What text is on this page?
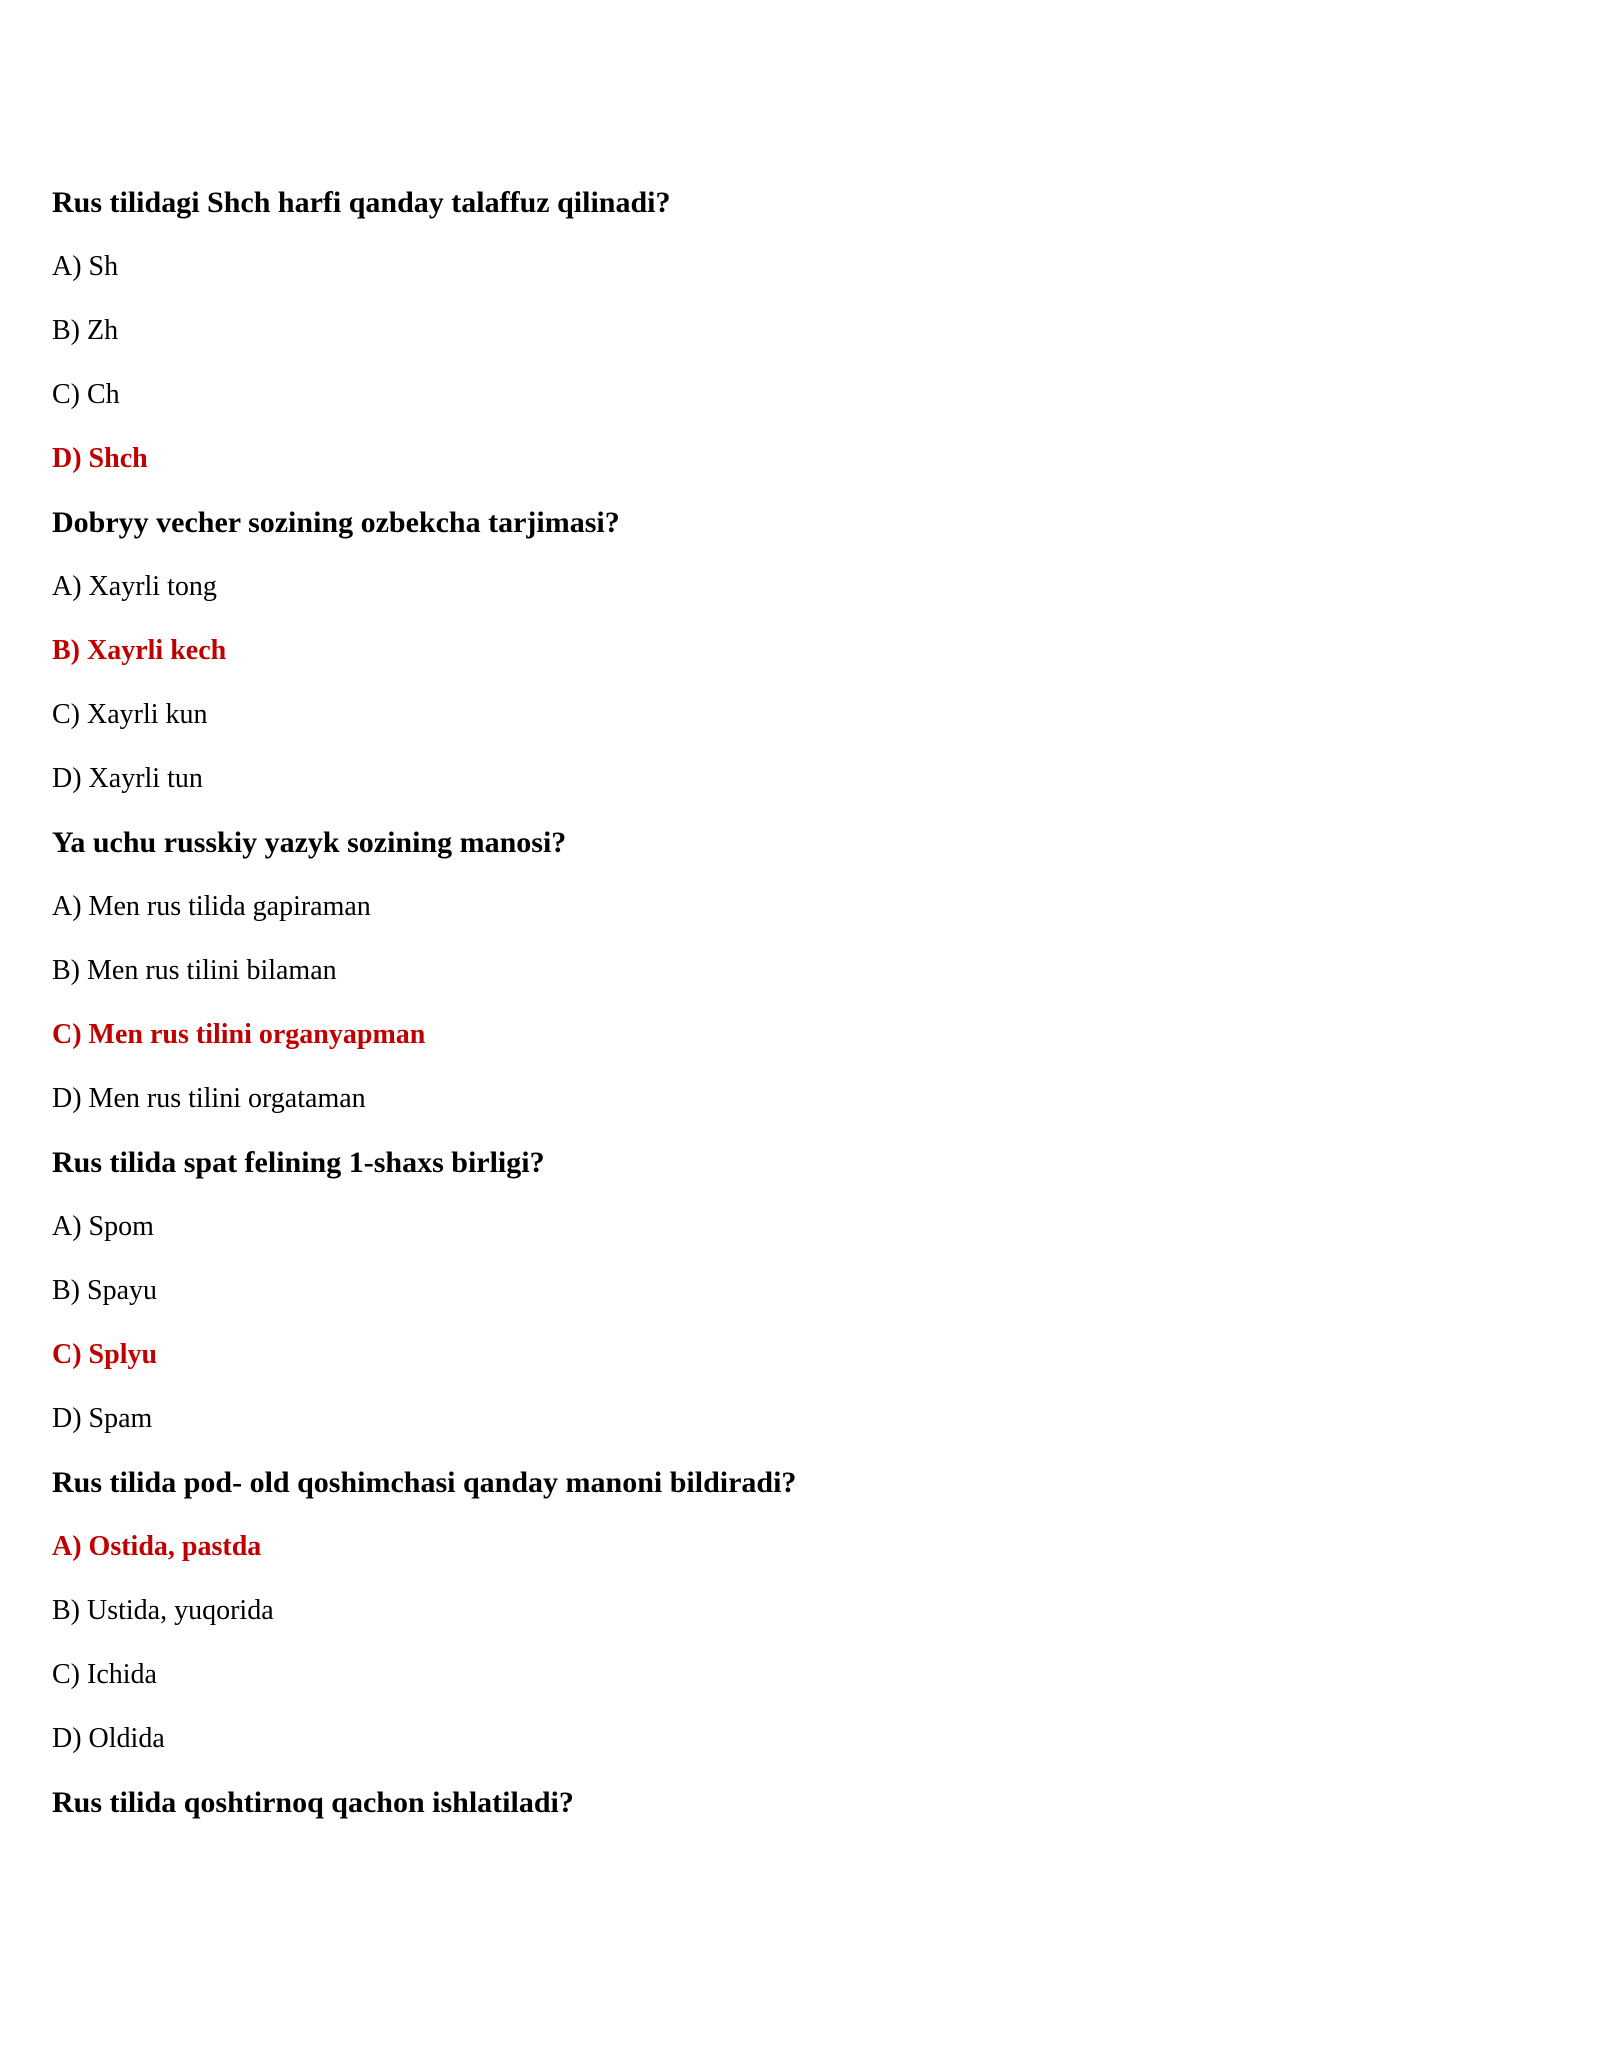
Rus tilidagi Shch harfi qanday talaffuz qilinadi?
A) Sh
B) Zh
C) Ch
D) Shch
Dobryy vecher sozining ozbekcha tarjimasi?
A) Xayrli tong
B) Xayrli kech
C) Xayrli kun
D) Xayrli tun
Ya uchu russkiy yazyk sozining manosi?
A) Men rus tilida gapiraman
B) Men rus tilini bilaman
C) Men rus tilini organyapman
D) Men rus tilini orgataman
Rus tilida spat felining 1-shaxs birligi?
A) Spom
B) Spayu
C) Splyu
D) Spam
Rus tilida pod- old qoshimchasi qanday manoni bildiradi?
A) Ostida, pastda
B) Ustida, yuqorida
C) Ichida
D) Oldida
Rus tilida qoshtirnoq qachon ishlatiladi?
